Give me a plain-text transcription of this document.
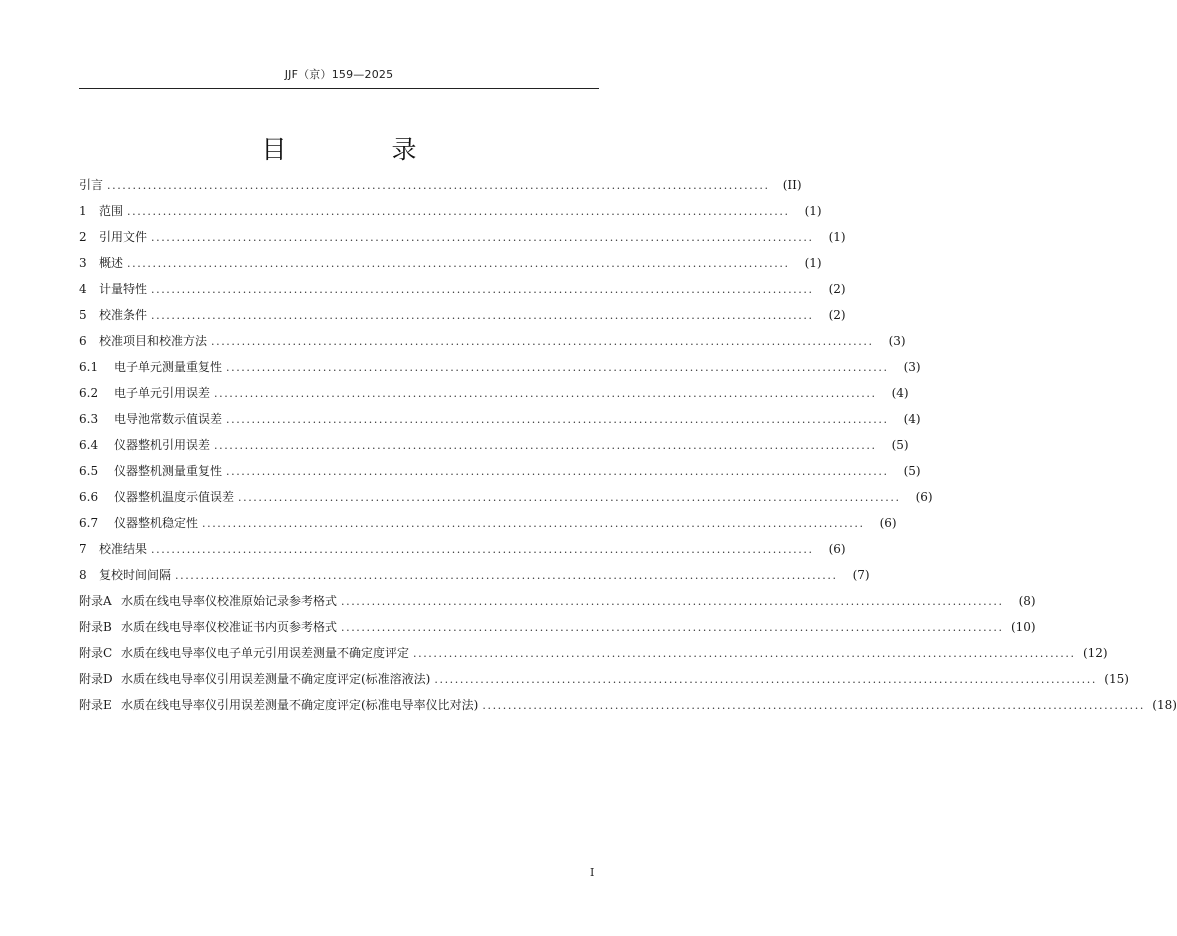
JJF（京）159—2025
目　录
引言 ..................................................................................................................................	(II)
1	范围 ..................................................................................................................................	(1)
2	引用文件 ..................................................................................................................................	(1)
3	概述 ..................................................................................................................................	(1)
4	计量特性 ..................................................................................................................................	(2)
5	校准条件 ..................................................................................................................................	(2)
6	校准项目和校准方法 ..................................................................................................................................	(3)
6.1	电子单元测量重复性 ..................................................................................................................................	(3)
6.2	电子单元引用误差 ..................................................................................................................................	(4)
6.3	电导池常数示值误差 ..................................................................................................................................	(4)
6.4	仪器整机引用误差 ..................................................................................................................................	(5)
6.5	仪器整机测量重复性 ..................................................................................................................................	(5)
6.6	仪器整机温度示值误差 ..................................................................................................................................	(6)
6.7	仪器整机稳定性 ..................................................................................................................................	(6)
7	校准结果 ..................................................................................................................................	(6)
8	复校时间间隔 ..................................................................................................................................	(7)
附录A 水质在线电导率仪校准原始记录参考格式 ..................................................................................................................................	(8)
附录B 水质在线电导率仪校准证书内页参考格式 .................................................................................................................................. (10)
附录C 水质在线电导率仪电子单元引用误差测量不确定度评定 .................................................................................................................................. (12)
附录D 水质在线电导率仪引用误差测量不确定度评定(标准溶液法) .................................................................................................................................. (15)
附录E 水质在线电导率仪引用误差测量不确定度评定(标准电导率仪比对法) .................................................................................................................................. (18)
I
